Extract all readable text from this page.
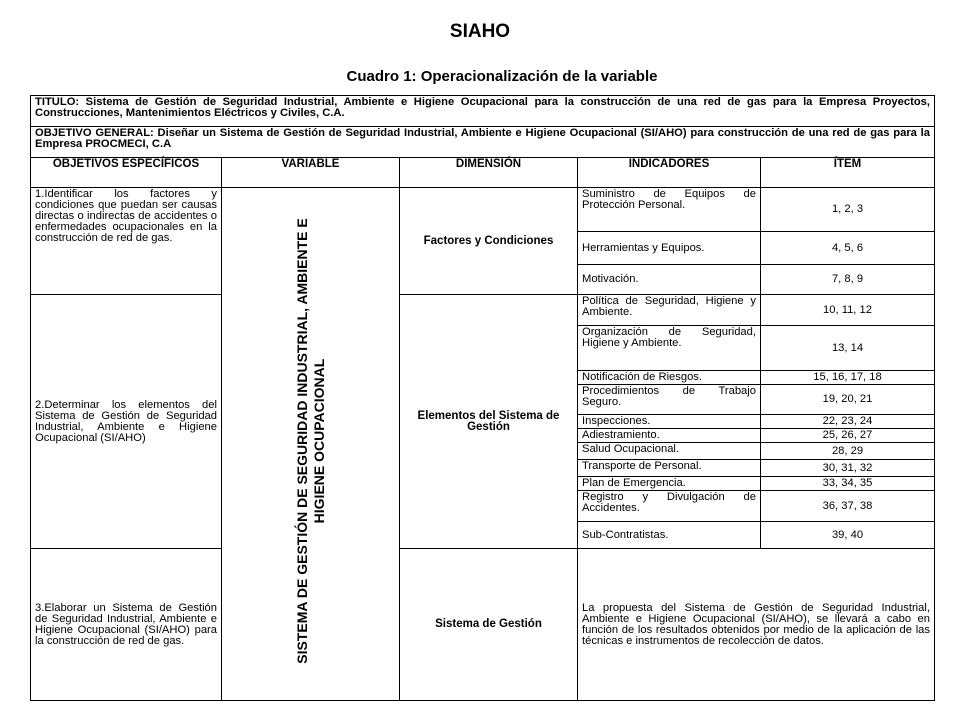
SIAHO
Cuadro 1: Operacionalización de la variable
TITULO: Sistema de Gestión de Seguridad Industrial, Ambiente e Higiene Ocupacional para la construcción de una red de gas para la Empresa Proyectos, Construcciones, Mantenimientos Eléctricos y Civiles, C.A.				
OBJETIVO GENERAL: Diseñar un Sistema de Gestión de Seguridad Industrial, Ambiente e Higiene Ocupacional (SI/AHO) para construcción de una red de gas para la Empresa PROCMECI, C.A				
OBJETIVOS ESPECÍFICOS	VARIABLE	DIMENSIÓN	INDICADORES	ÍTEM
1.Identificar los factores y condiciones que puedan ser causas directas o indirectas de accidentes o enfermedades ocupacionales en la construcción de red de gas.	SISTEMA DE GESTIÓN DE SEGURIDAD INDUSTRIAL, AMBIENTE E HIGIENE OCUPACIONAL	Factores y Condiciones	Suministro de Equipos de Protección Personal.	1, 2, 3
			Herramientas y Equipos.	4, 5, 6
			Motivación.	7, 8, 9
2.Determinar los elementos del Sistema de Gestión de Seguridad Industrial, Ambiente e Higiene Ocupacional (SI/AHO)		Elementos del Sistema de Gestión	Política de Seguridad, Higiene y Ambiente.	10, 11, 12
			Organización de Seguridad, Higiene y Ambiente.	13, 14
			Notificación de Riesgos.	15, 16, 17, 18
			Procedimientos de Trabajo Seguro.	19, 20, 21
			Inspecciones.	22, 23, 24
			Adiestramiento.	25, 26, 27
			Salud Ocupacional.	28, 29
			Transporte de Personal.	30, 31, 32
			Plan de Emergencia.	33, 34, 35
			Registro y Divulgación de Accidentes.	36, 37, 38
			Sub-Contratistas.	39, 40
3.Elaborar un Sistema de Gestión de Seguridad Industrial, Ambiente e Higiene Ocupacional (SI/AHO) para la construcción de red de gas.		Sistema de Gestión	La propuesta del Sistema de Gestión de Seguridad Industrial, Ambiente e Higiene Ocupacional (SI/AHO), se llevará a cabo en función de los resultados obtenidos por medio de la aplicación de las técnicas e instrumentos de recolección de datos.	
